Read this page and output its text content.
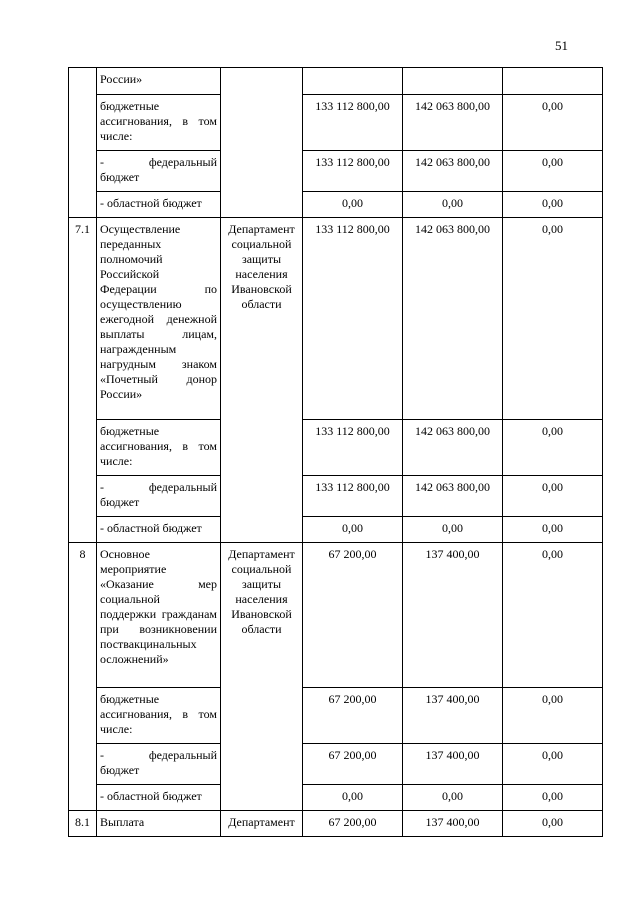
51
	России»				
	бюджетные ассигнования, в том числе:		133 112 800,00	142 063 800,00	0,00
	- федеральный бюджет		133 112 800,00	142 063 800,00	0,00
	- областной бюджет		0,00	0,00	0,00
7.1	Осуществление переданных полномочий Российской Федерации по осуществлению ежегодной денежной выплаты лицам, награжденным нагрудным знаком «Почетный донор России»	Департамент социальной защиты населения Ивановской области	133 112 800,00	142 063 800,00	0,00
	бюджетные ассигнования, в том числе:		133 112 800,00	142 063 800,00	0,00
	- федеральный бюджет		133 112 800,00	142 063 800,00	0,00
	- областной бюджет		0,00	0,00	0,00
8	Основное мероприятие «Оказание мер социальной поддержки гражданам при возникновении поствакцинальных осложнений»	Департамент социальной защиты населения Ивановской области	67 200,00	137 400,00	0,00
	бюджетные ассигнования, в том числе:		67 200,00	137 400,00	0,00
	- федеральный бюджет		67 200,00	137 400,00	0,00
	- областной бюджет		0,00	0,00	0,00
8.1	Выплата	Департамент	67 200,00	137 400,00	0,00
